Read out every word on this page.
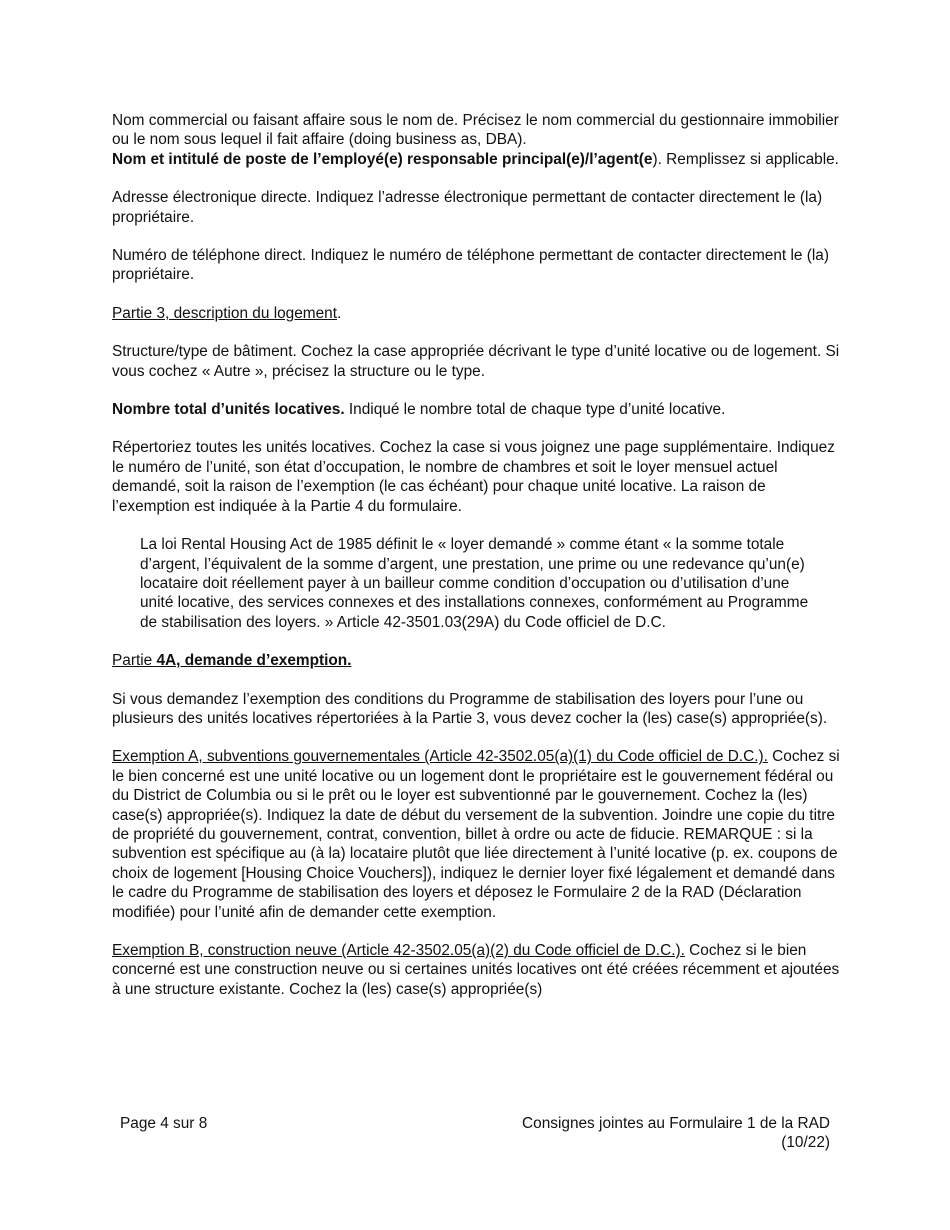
Nom commercial ou faisant affaire sous le nom de. Précisez le nom commercial du gestionnaire immobilier ou le nom sous lequel il fait affaire (doing business as, DBA).

Nom et intitulé de poste de l’employé(e) responsable principal(e)/l’agent(e). Remplissez si applicable.

Adresse électronique directe. Indiquez l’adresse électronique permettant de contacter directement le (la) propriétaire.

Numéro de téléphone direct. Indiquez le numéro de téléphone permettant de contacter directement le (la) propriétaire.

Partie 3, description du logement.

Structure/type de bâtiment. Cochez la case appropriée décrivant le type d’unité locative ou de logement. Si vous cochez « Autre », précisez la structure ou le type.

Nombre total d’unités locatives. Indiqué le nombre total de chaque type d’unité locative.

Répertoriez toutes les unités locatives. Cochez la case si vous joignez une page supplémentaire. Indiquez le numéro de l’unité, son état d’occupation, le nombre de chambres et soit le loyer mensuel actuel demandé, soit la raison de l’exemption (le cas échéant) pour chaque unité locative. La raison de l’exemption est indiquée à la Partie 4 du formulaire.

La loi Rental Housing Act de 1985 définit le « loyer demandé » comme étant « la somme totale d’argent, l’équivalent de la somme d’argent, une prestation, une prime ou une redevance qu’un(e) locataire doit réellement payer à un bailleur comme condition d’occupation ou d’utilisation d’une unité locative, des services connexes et des installations connexes, conformément au Programme de stabilisation des loyers. » Article 42-3501.03(29A) du Code officiel de D.C.

Partie 4A, demande d’exemption.

Si vous demandez l’exemption des conditions du Programme de stabilisation des loyers pour l’une ou plusieurs des unités locatives répertoriées à la Partie 3, vous devez cocher la (les) case(s) appropriée(s).

Exemption A, subventions gouvernementales (Article 42-3502.05(a)(1) du Code officiel de D.C.). Cochez si le bien concerné est une unité locative ou un logement dont le propriétaire est le gouvernement fédéral ou du District de Columbia ou si le prêt ou le loyer est subventionné par le gouvernement. Cochez la (les) case(s) appropriée(s). Indiquez la date de début du versement de la subvention. Joindre une copie du titre de propriété du gouvernement, contrat, convention, billet à ordre ou acte de fiducie. REMARQUE : si la subvention est spécifique au (à la) locataire plutôt que liée directement à l’unité locative (p. ex. coupons de choix de logement [Housing Choice Vouchers]), indiquez le dernier loyer fixé légalement et demandé dans le cadre du Programme de stabilisation des loyers et déposez le Formulaire 2 de la RAD (Déclaration modifiée) pour l’unité afin de demander cette exemption.

Exemption B, construction neuve (Article 42-3502.05(a)(2) du Code officiel de D.C.). Cochez si le bien concerné est une construction neuve ou si certaines unités locatives ont été créées récemment et ajoutées à une structure existante. Cochez la (les) case(s) appropriée(s)

Page 4 sur 8	Consignes jointes au Formulaire 1 de la RAD
(10/22)
